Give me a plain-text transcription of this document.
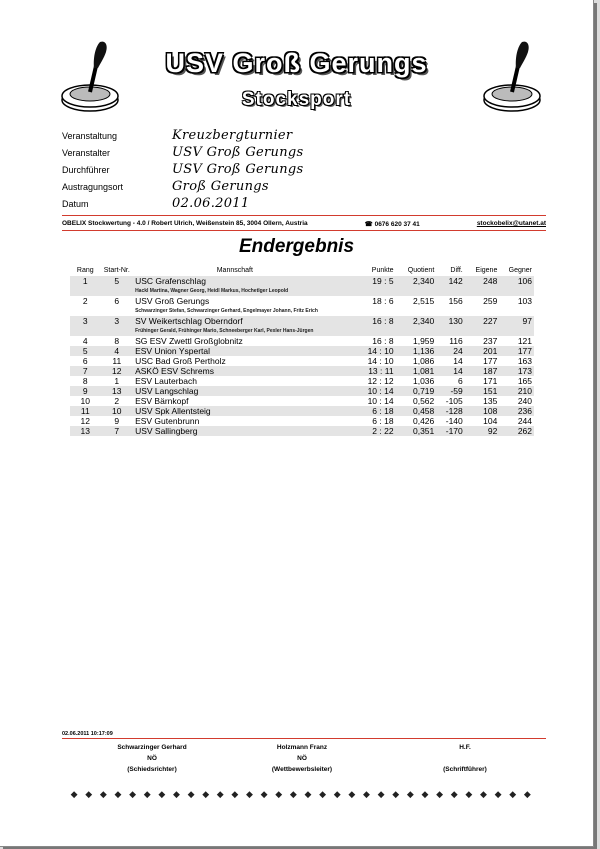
USV Groß Gerungs
Stocksport
Veranstaltung	Kreuzbergturnier
Veranstalter	USV Groß Gerungs
Durchführer	USV Groß Gerungs
Austragungsort	Groß Gerungs
Datum	02.06.2011
OBELIX Stockwertung - 4.0 / Robert Ulrich, Weißenstein 85, 3004 Ollern, Austria	☎ 0676 620 37 41	stockobelix@utanet.at
Endergebnis
Rang	Start-Nr.	Mannschaft	Punkte	Quotient	Diff.	Eigene	Gegner
1	5	USC Grafenschlag	19 : 5	2,340	142	248	106
		Hackl Martina, Wagner Georg, Heidl Markus, Hochetlger Leopold					
2	6	USV Groß Gerungs	18 : 6	2,515	156	259	103
		Schwarzinger Stefan, Schwarzinger Gerhard, Engelmayer Johann, Fritz Erich					
3	3	SV Weikertschlag Oberndorf	16 : 8	2,340	130	227	97
		Frühinger Gerald, Frühinger Mario, Schneeberger Karl, Pexler Hans-Jürgen					
4	8	SG ESV Zwettl Großglobnitz	16 : 8	1,959	116	237	121
5	4	ESV Union Yspertal	14 : 10	1,136	24	201	177
6	11	USC Bad Groß Pertholz	14 : 10	1,086	14	177	163
7	12	ASKÖ ESV Schrems	13 : 11	1,081	14	187	173
8	1	ESV Lauterbach	12 : 12	1,036	6	171	165
9	13	USV Langschlag	10 : 14	0,719	-59	151	210
10	2	ESV Bärnkopf	10 : 14	0,562	-105	135	240
11	10	USV Spk Allentsteig	6 : 18	0,458	-128	108	236
12	9	ESV Gutenbrunn	6 : 18	0,426	-140	104	244
13	7	USV Sallingberg	2 : 22	0,351	-170	92	262
02.06.2011 10:17:09
Schwarzinger Gerhard
NÖ
(Schiedsrichter)
Holzmann Franz
NÖ
(Wettbewerbsleiter)
H.F.

(Schriftführer)
◆ ◆ ◆ ◆ ◆ ◆ ◆ ◆ ◆ ◆ ◆ ◆ ◆ ◆ ◆ ◆ ◆ ◆ ◆ ◆ ◆ ◆ ◆ ◆ ◆ ◆ ◆ ◆ ◆ ◆ ◆ ◆
